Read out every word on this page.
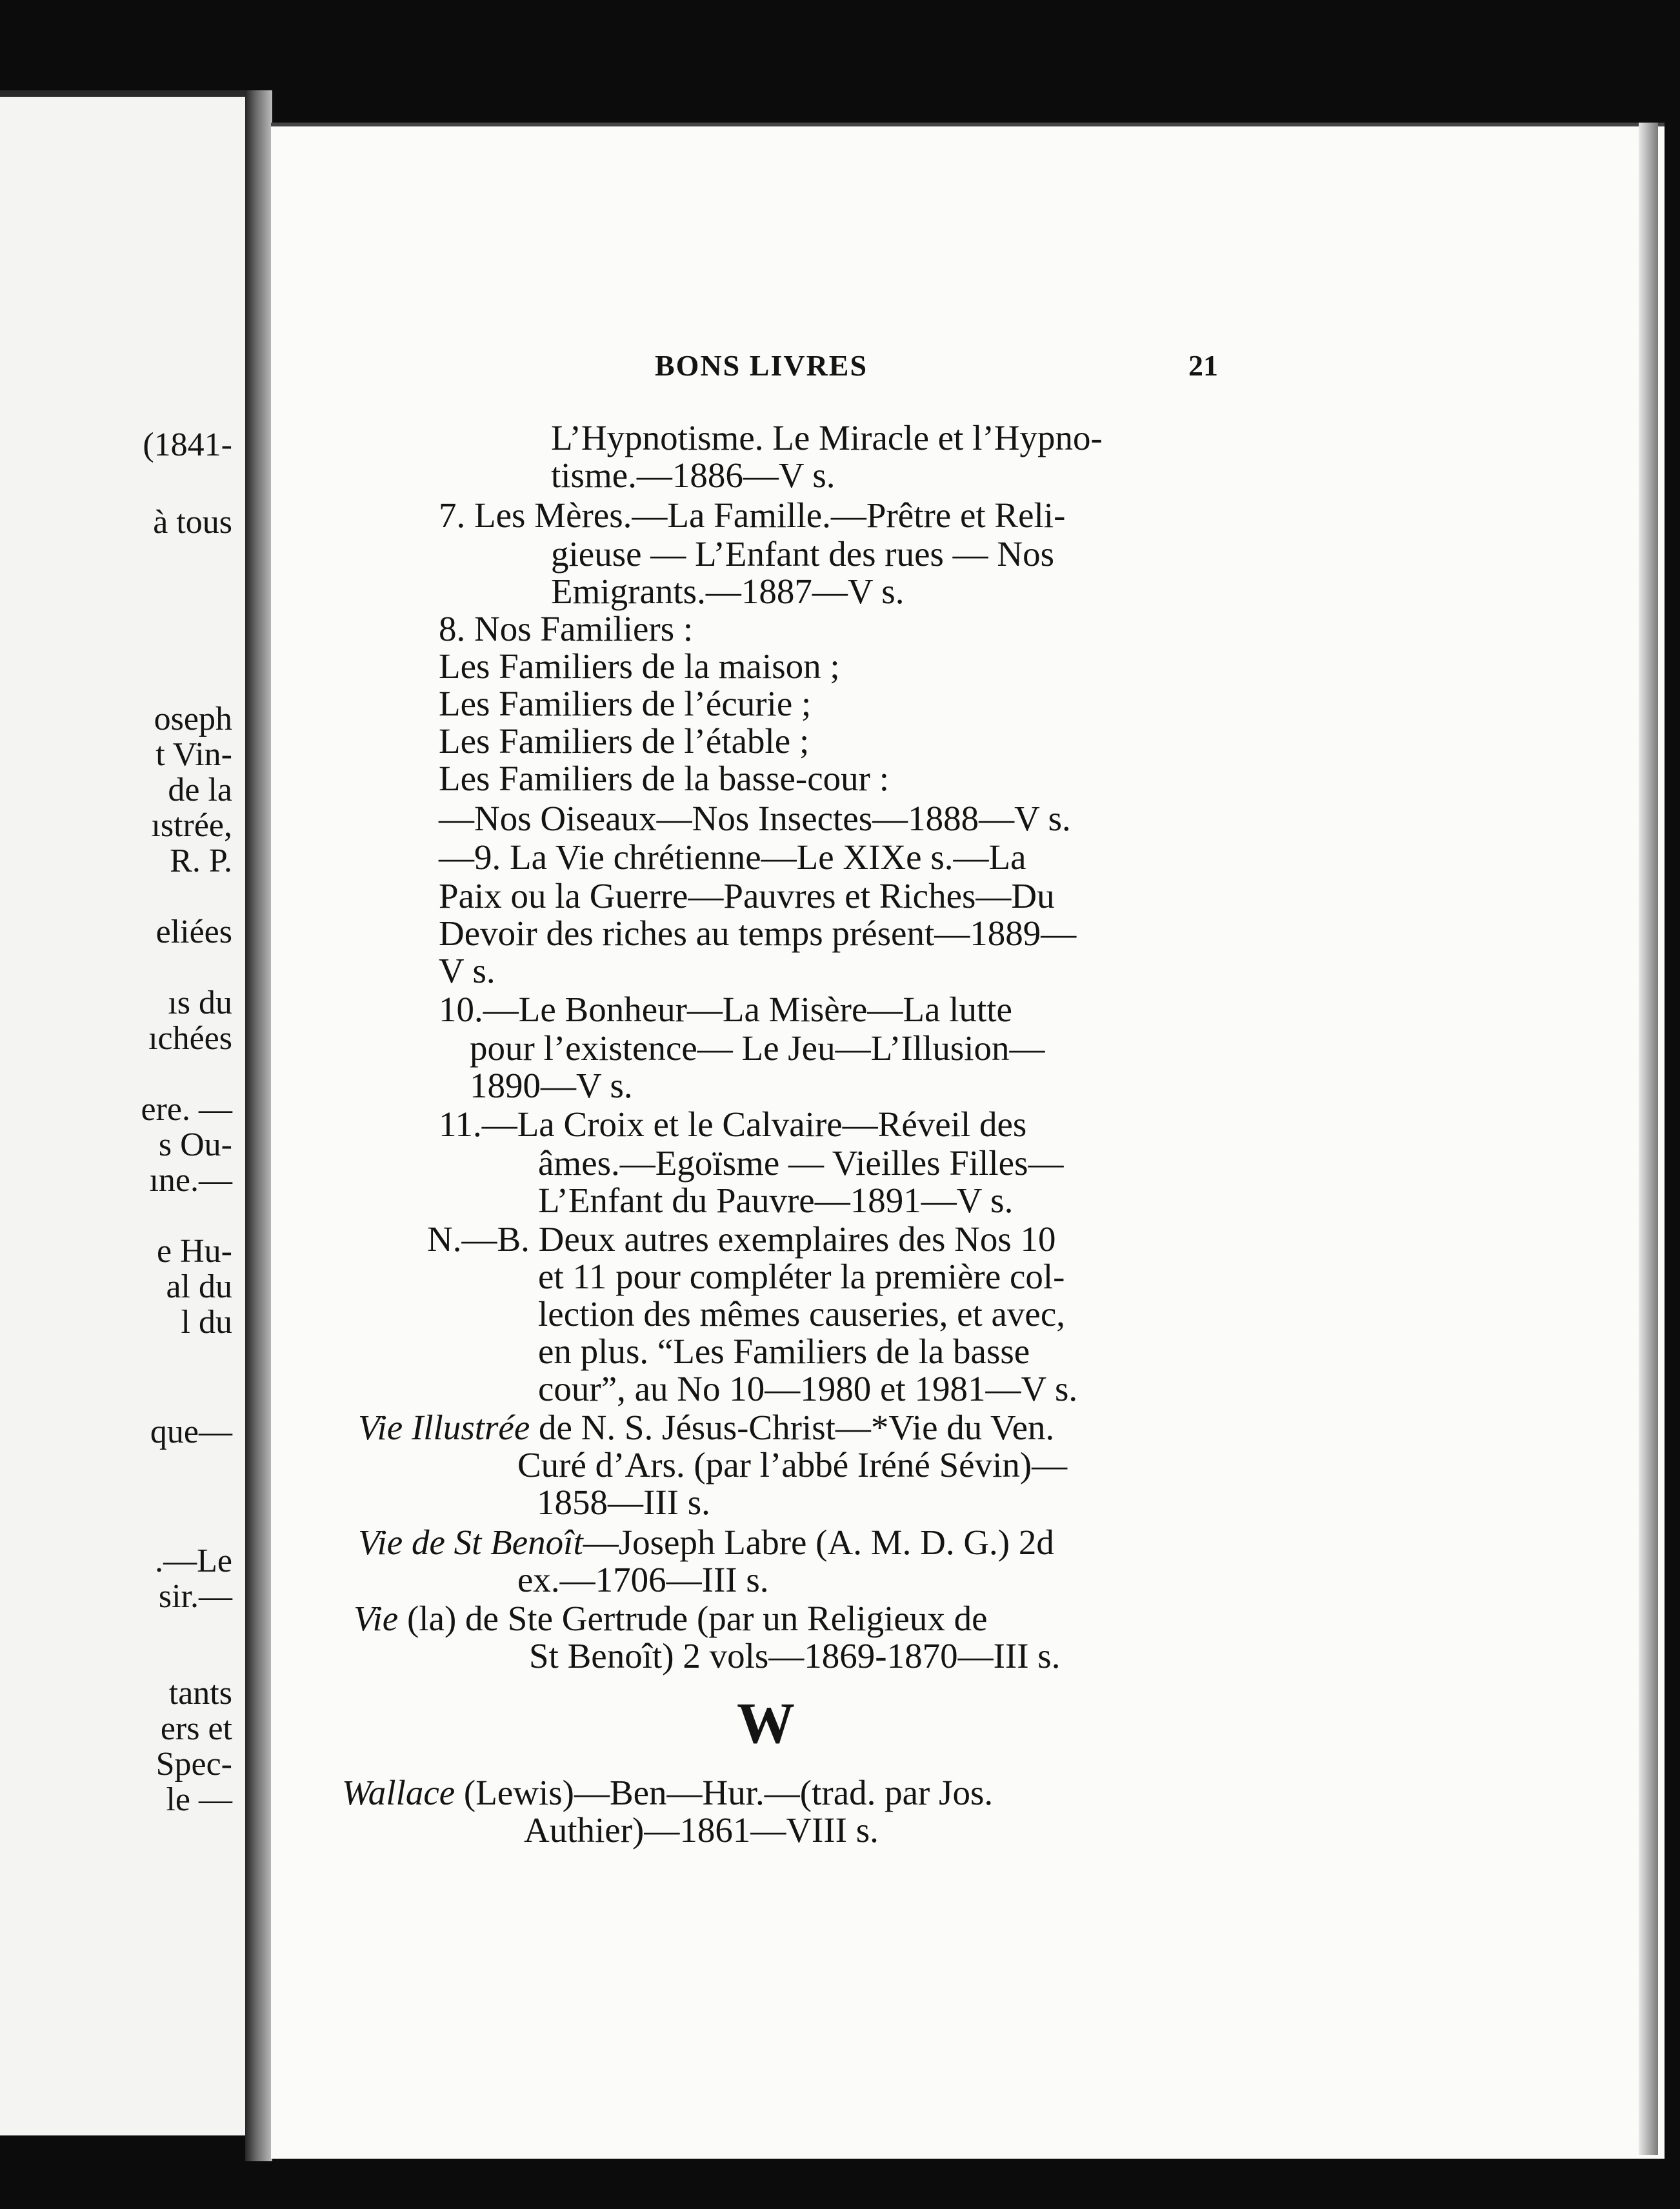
(1841-
à tous
oseph
t Vin-
de la
ıstrée,
R. P.
eliées
ıs du
ıchées
ere. —
s Ou-
ıne.—
e Hu-
al du
l du
que—
.—Le
sir.—
tants
ers et
Spec-
le —
BONS LIVRES	21
L’Hypnotisme. Le Miracle et l’Hypno-
tisme.—1886—V s.
7. Les Mères.—La Famille.—Prêtre et Reli-
gieuse — L’Enfant des rues — Nos
Emigrants.—1887—V s.
8. Nos Familiers :
Les Familiers de la maison ;
Les Familiers de l’écurie ;
Les Familiers de l’étable ;
Les Familiers de la basse-cour :
—Nos Oiseaux—Nos Insectes—1888—V s.
—9. La Vie chrétienne—Le XIXe s.—La
Paix ou la Guerre—Pauvres et Riches—Du
Devoir des riches au temps présent—1889—
V s.
10.—Le Bonheur—La Misère—La lutte
pour l’existence— Le Jeu—L’Illusion—
1890—V s.
11.—La Croix et le Calvaire—Réveil des
âmes.—Egoïsme — Vieilles Filles—
L’Enfant du Pauvre—1891—V s.
N.—B. Deux autres exemplaires des Nos 10
et 11 pour compléter la première col-
lection des mêmes causeries, et avec,
en plus. “Les Familiers de la basse
cour”, au No 10—1980 et 1981—V s.
Vie Illustrée de N. S. Jésus-Christ—*Vie du Ven.
Curé d’Ars. (par l’abbé Iréné Sévin)—
1858—III s.
Vie de St Benoît—Joseph Labre (A. M. D. G.) 2d
ex.—1706—III s.
Vie (la) de Ste Gertrude (par un Religieux de
St Benoît) 2 vols—1869-1870—III s.
W
Wallace (Lewis)—Ben—Hur.—(trad. par Jos.
Authier)—1861—VIII s.
